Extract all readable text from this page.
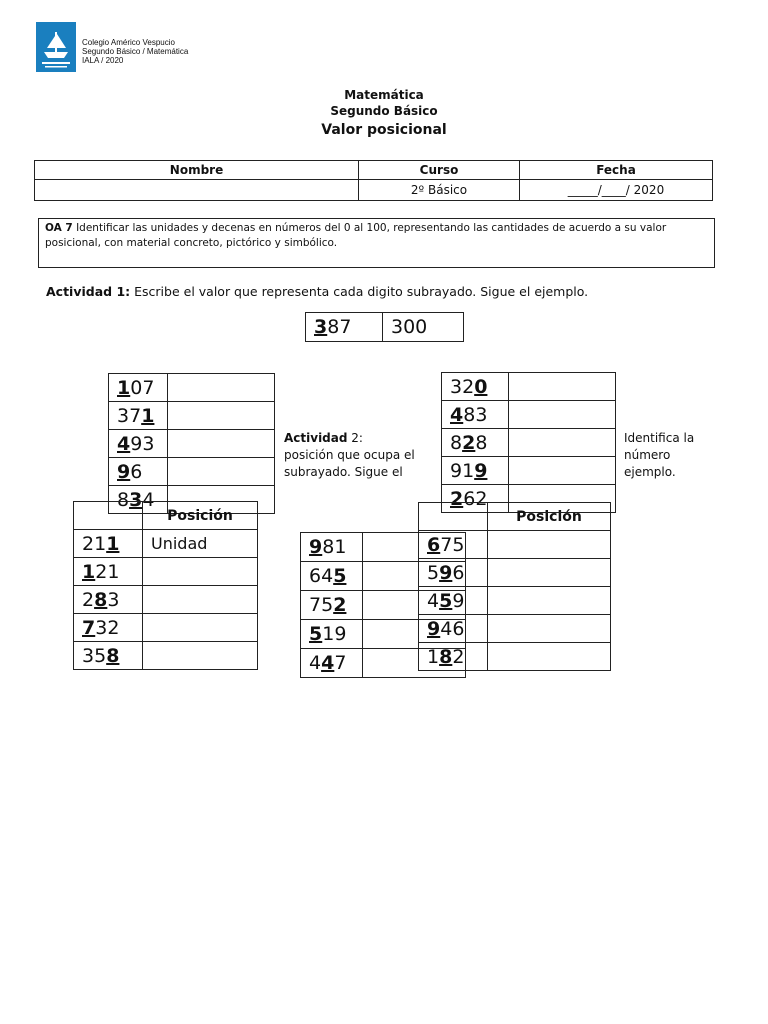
Colegio Américo Vespucio
Segundo Básico / Matemática
IALA / 2020
Matemática
Segundo Básico
Valor posicional
Nombre	Curso	Fecha
	2º Básico	_____/____/ 2020
OA 7 Identificar las unidades y decenas en números del 0 al 100, representando las cantidades de acuerdo a su valor posicional, con material concreto, pictórico y simbólico.
Actividad 1: Escribe el valor que representa cada digito subrayado. Sigue el ejemplo.
387	300
107	
371	
493	
96	
834	
320	
483	
828	
919	
262	
Actividad 2:
posición que ocupa el
subrayado. Sigue el
Identifica la
número
ejemplo.
	Posición
211	Unidad
121	
283	
732	
358	
981	
645	
752	
519	
447	
	Posición
675	
596	
459	
946	
182	
